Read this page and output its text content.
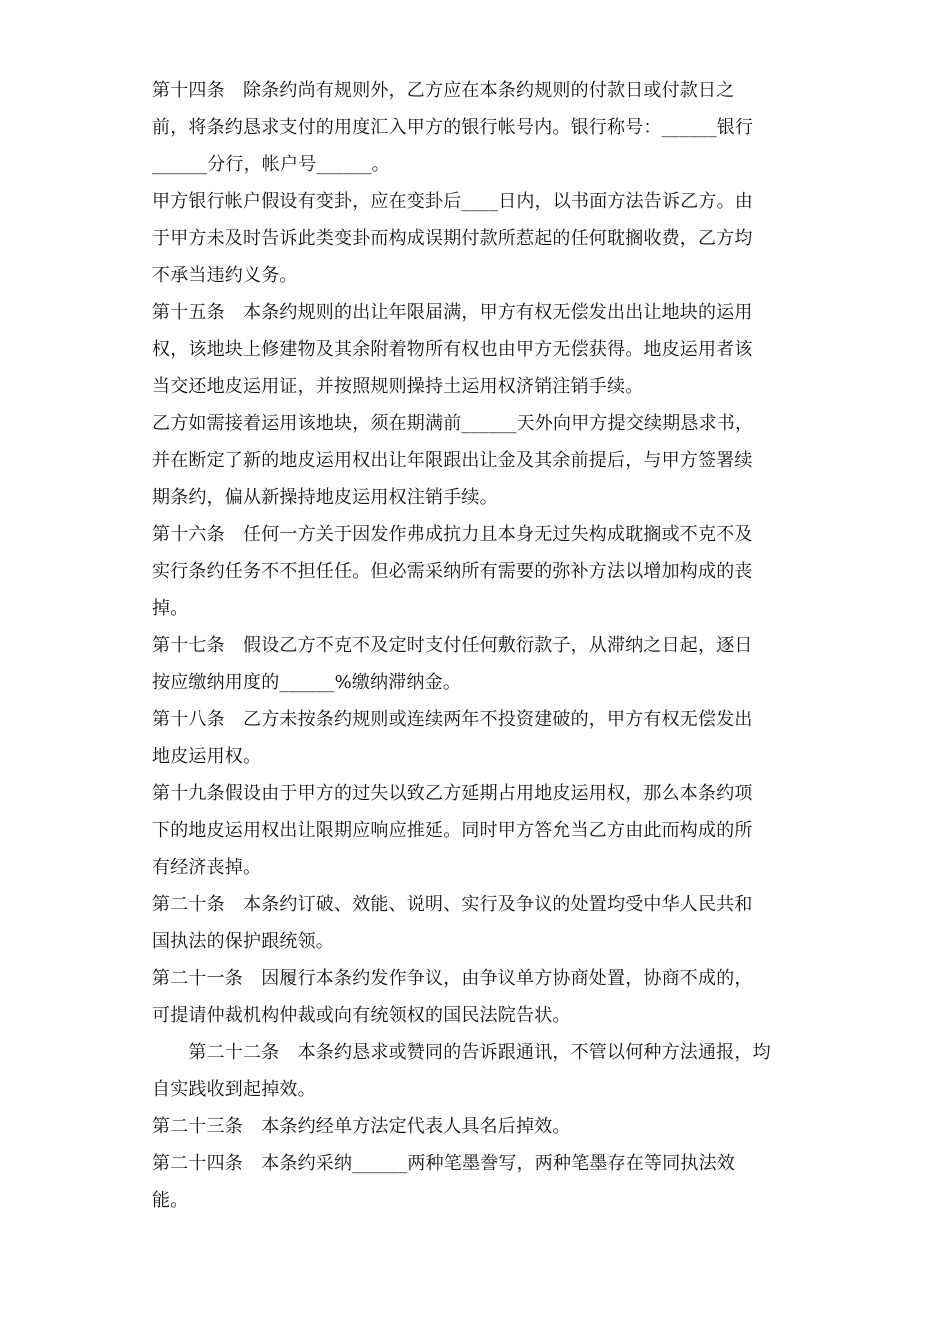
第十四条　除条约尚有规则外，乙方应在本条约规则的付款日或付款日之
前，将条约恳求支付的用度汇入甲方的银行帐号内。银行称号：______银行
______分行，帐户号______。
甲方银行帐户假设有变卦，应在变卦后____日内，以书面方法告诉乙方。由
于甲方未及时告诉此类变卦而构成误期付款所惹起的任何耽搁收费，乙方均
不承当违约义务。
第十五条　本条约规则的出让年限届满，甲方有权无偿发出出让地块的运用
权，该地块上修建物及其余附着物所有权也由甲方无偿获得。地皮运用者该
当交还地皮运用证，并按照规则操持土运用权济销注销手续。
乙方如需接着运用该地块，须在期满前______天外向甲方提交续期恳求书，
并在断定了新的地皮运用权出让年限跟出让金及其余前提后，与甲方签署续
期条约，偏从新操持地皮运用权注销手续。
第十六条　任何一方关于因发作弗成抗力且本身无过失构成耽搁或不克不及
实行条约任务不不担任任。但必需采纳所有需要的弥补方法以增加构成的丧
掉。
第十七条　假设乙方不克不及定时支付任何敷衍款子，从滞纳之日起，逐日
按应缴纳用度的______%缴纳滞纳金。
第十八条　乙方未按条约规则或连续两年不投资建破的，甲方有权无偿发出
地皮运用权。
第十九条假设由于甲方的过失以致乙方延期占用地皮运用权，那么本条约项
下的地皮运用权出让限期应响应推延。同时甲方答允当乙方由此而构成的所
有经济丧掉。
第二十条　本条约订破、效能、说明、实行及争议的处置均受中华人民共和
国执法的保护跟统领。
第二十一条　因履行本条约发作争议，由争议单方协商处置，协商不成的，
可提请仲裁机构仲裁或向有统领权的国民法院告状。
　　第二十二条　本条约恳求或赞同的告诉跟通讯，不管以何种方法通报，均
自实践收到起掉效。
第二十三条　本条约经单方法定代表人具名后掉效。
第二十四条　本条约采纳______两种笔墨誊写，两种笔墨存在等同执法效
能。
